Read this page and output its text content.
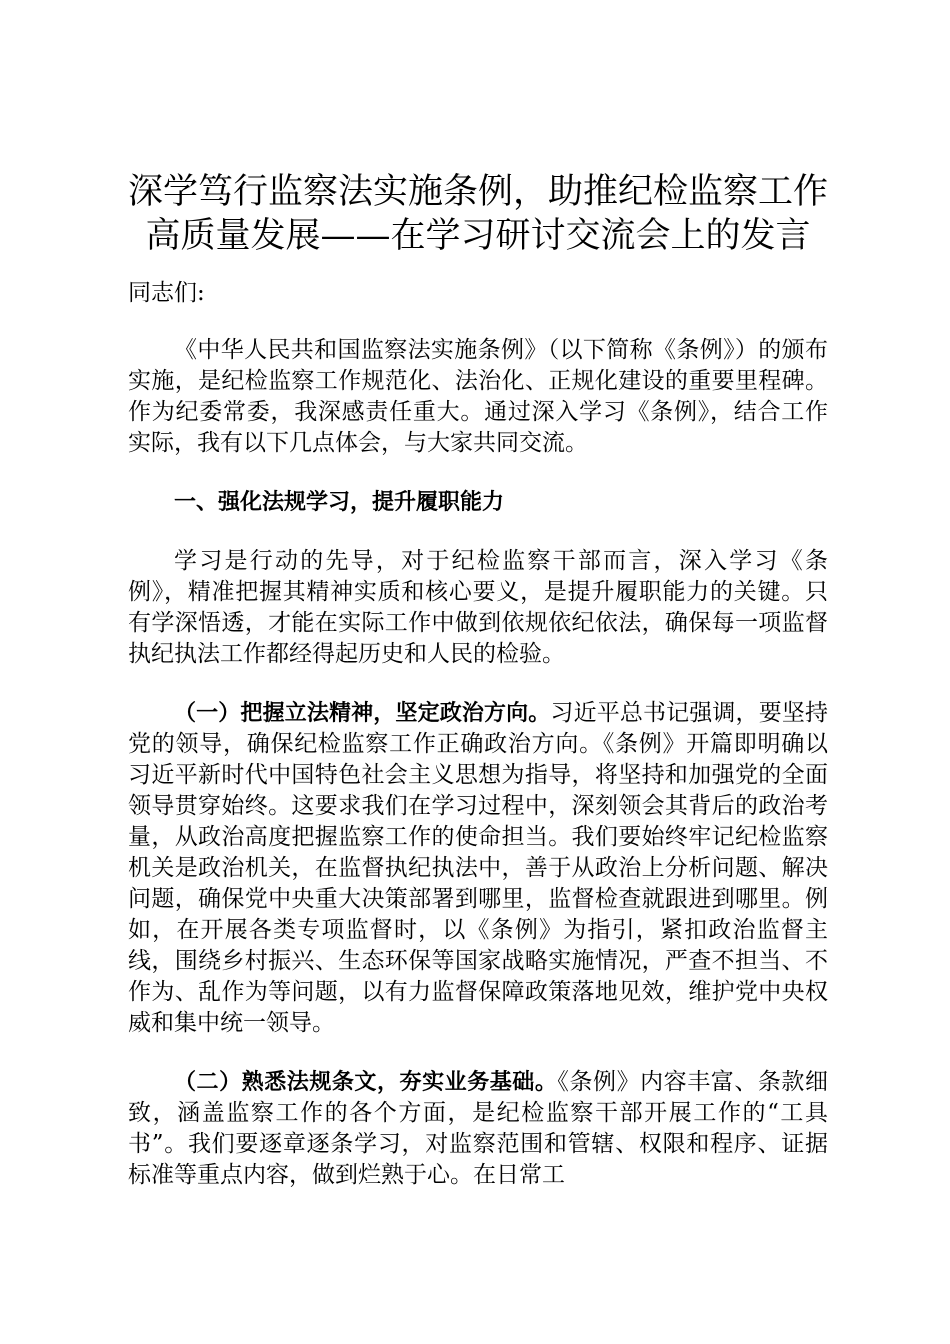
深学笃行监察法实施条例，助推纪检监察工作
高质量发展——在学习研讨交流会上的发言

同志们:

《中华人民共和国监察法实施条例》（以下简称《条例》）的颁布实施，是纪检监察工作规范化、法治化、正规化建设的重要里程碑。作为纪委常委，我深感责任重大。通过深入学习《条例》，结合工作实际，我有以下几点体会，与大家共同交流。

一、强化法规学习，提升履职能力

学习是行动的先导，对于纪检监察干部而言，深入学习《条例》，精准把握其精神实质和核心要义，是提升履职能力的关键。只有学深悟透，才能在实际工作中做到依规依纪依法，确保每一项监督执纪执法工作都经得起历史和人民的检验。

（一）把握立法精神，坚定政治方向。习近平总书记强调，要坚持党的领导，确保纪检监察工作正确政治方向。《条例》开篇即明确以习近平新时代中国特色社会主义思想为指导，将坚持和加强党的全面领导贯穿始终。这要求我们在学习过程中，深刻领会其背后的政治考量，从政治高度把握监察工作的使命担当。我们要始终牢记纪检监察机关是政治机关，在监督执纪执法中，善于从政治上分析问题、解决问题，确保党中央重大决策部署到哪里，监督检查就跟进到哪里。例如，在开展各类专项监督时，以《条例》为指引，紧扣政治监督主线，围绕乡村振兴、生态环保等国家战略实施情况，严查不担当、不作为、乱作为等问题，以有力监督保障政策落地见效，维护党中央权威和集中统一领导。

（二）熟悉法规条文，夯实业务基础。《条例》内容丰富、条款细致，涵盖监察工作的各个方面，是纪检监察干部开展工作的“工具书”。我们要逐章逐条学习，对监察范围和管辖、权限和程序、证据标准等重点内容，做到烂熟于心。在日常工
